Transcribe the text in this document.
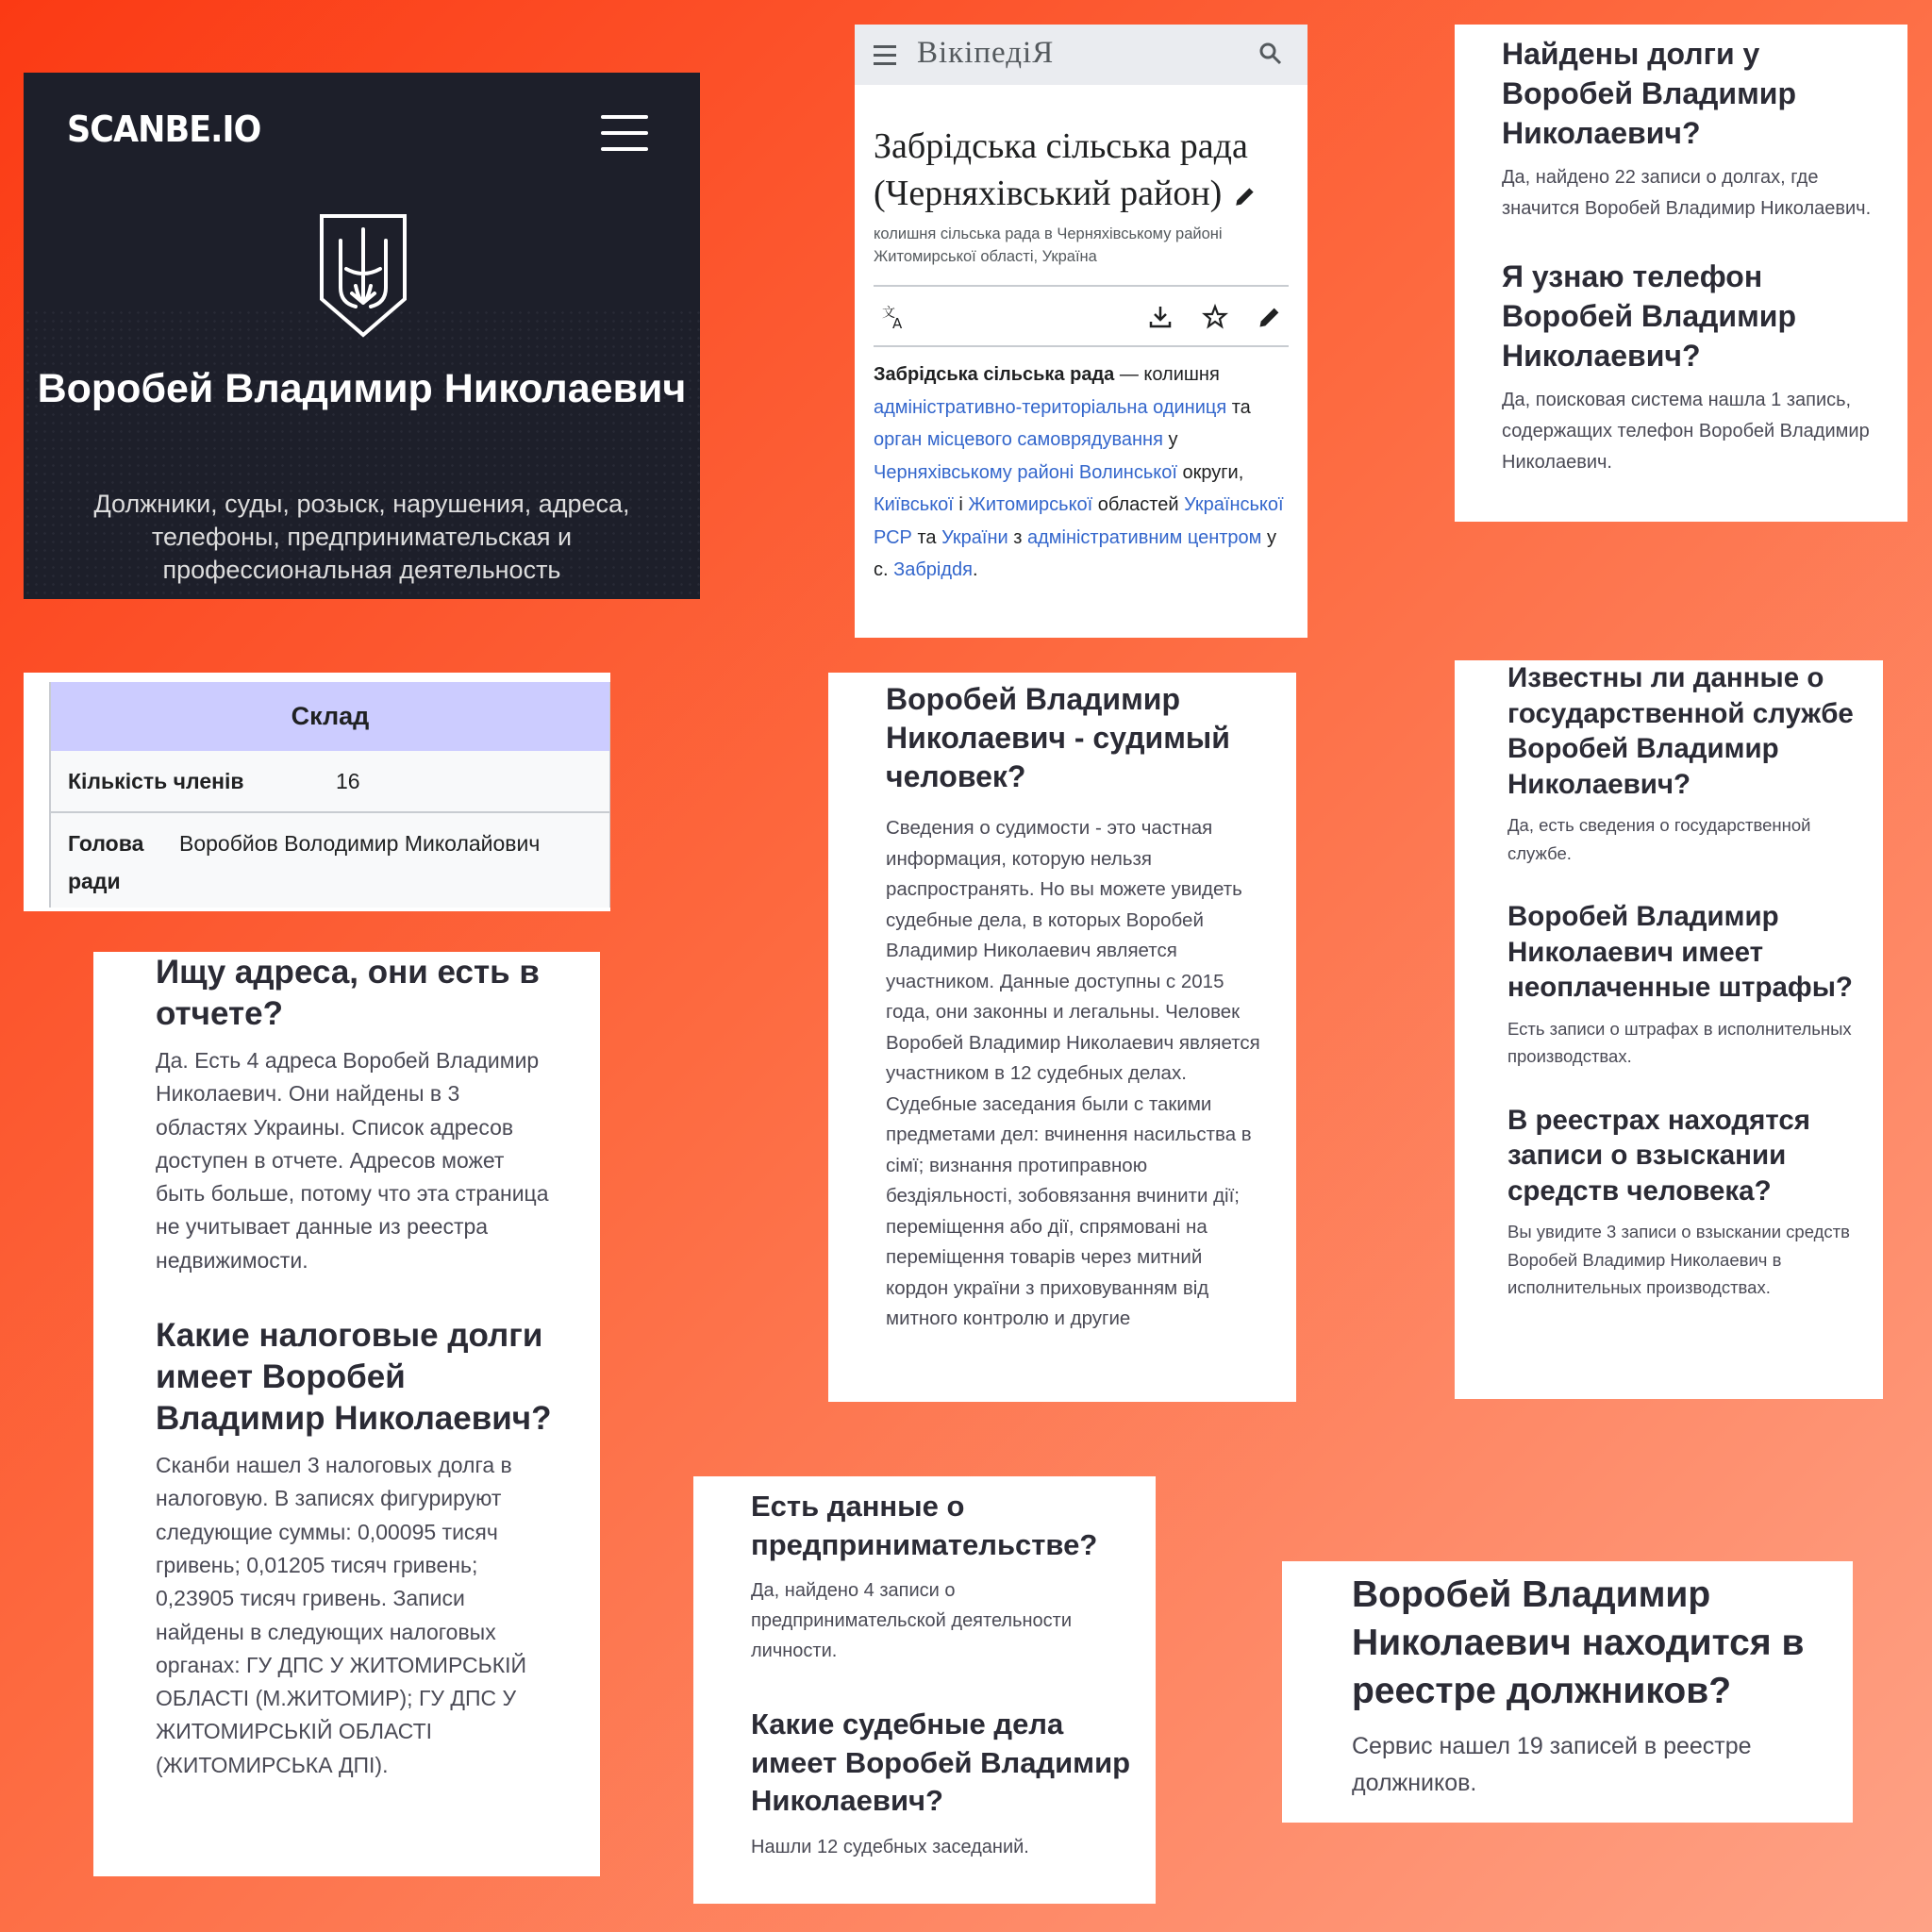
SCANBE.IO
Воробей Владимир Николаевич
Должники, суды, розыск, нарушения, адреса, телефоны, предпринимательская и профессиональная деятельность
ВікіпедіЯ
Забрідська сільська рада (Черняхівський район)
колишня сільська рада в Черняхівському районі Житомирської області, Україна
文
A
Забрідська сільська рада — колишня адміністративно-територіальна одиниця та орган місцевого самоврядування у Черняхівському районі Волинської округи, Київської і Житомирської областей Української РСР та України з адміністративним центром у с. Забрідdя.
Склад
Кількість членів	16
Голова
ради
Воробйов Володимир Миколайович
Найдены долги у Воробей Владимир Николаевич?

Да, найдено 22 записи о долгах, где значится Воробей Владимир Николаевич.

Я узнаю телефон Воробей Владимир Николаевич?

Да, поисковая система нашла 1 запись, содержащих телефон Воробей Владимир Николаевич.

Воробей Владимир Николаевич - судимый человек?

Сведения о судимости - это частная информация, которую нельзя распространять. Но вы можете увидеть судебные дела, в которых Воробей Владимир Николаевич является участником. Данные доступны с 2015 года, они законны и легальны. Человек Воробей Владимир Николаевич является участником в 12 судебных делах. Судебные заседания были с такими предметами дел: вчинення насильства в сімї; визнання протиправною бездіяльності, зобовязання вчинити дії; переміщення або дії, спрямовані на переміщення товарів через митний кордон україни з приховуванням від митного контролю и другие

Известны ли данные о государственной службе Воробей Владимир Николаевич?

Да, есть сведения о государственной службе.

Воробей Владимир Николаевич имеет неоплаченные штрафы?

Есть записи о штрафах в исполнительных производствах.

В реестрах находятся записи о взыскании средств человека?

Вы увидите 3 записи о взыскании средств Воробей Владимир Николаевич в исполнительных производствах.

Ищу адреса, они есть в отчете?

Да. Есть 4 адреса Воробей Владимир Николаевич. Они найдены в 3 областях Украины. Список адресов доступен в отчете. Адресов может быть больше, потому что эта страница не учитывает данные из реестра недвижимости.

Какие налоговые долги имеет Воробей Владимир Николаевич?

Сканби нашел 3 налоговых долга в налоговую. В записях фигурируют следующие суммы: 0,00095 тисяч гривень; 0,01205 тисяч гривень; 0,23905 тисяч гривень. Записи найдены в следующих налоговых органах: ГУ ДПС У ЖИТОМИРСЬКІЙ ОБЛАСТІ (М.ЖИТОМИР); ГУ ДПС У ЖИТОМИРСЬКІЙ ОБЛАСТІ (ЖИТОМИРСЬКА ДПІ).

Есть данные о предпринимательстве?

Да, найдено 4 записи о предпринимательской деятельности личности.

Какие судебные дела имеет Воробей Владимир Николаевич?

Нашли 12 судебных заседаний.

Воробей Владимир Николаевич находится в реестре должников?

Сервис нашел 19 записей в реестре должников.
